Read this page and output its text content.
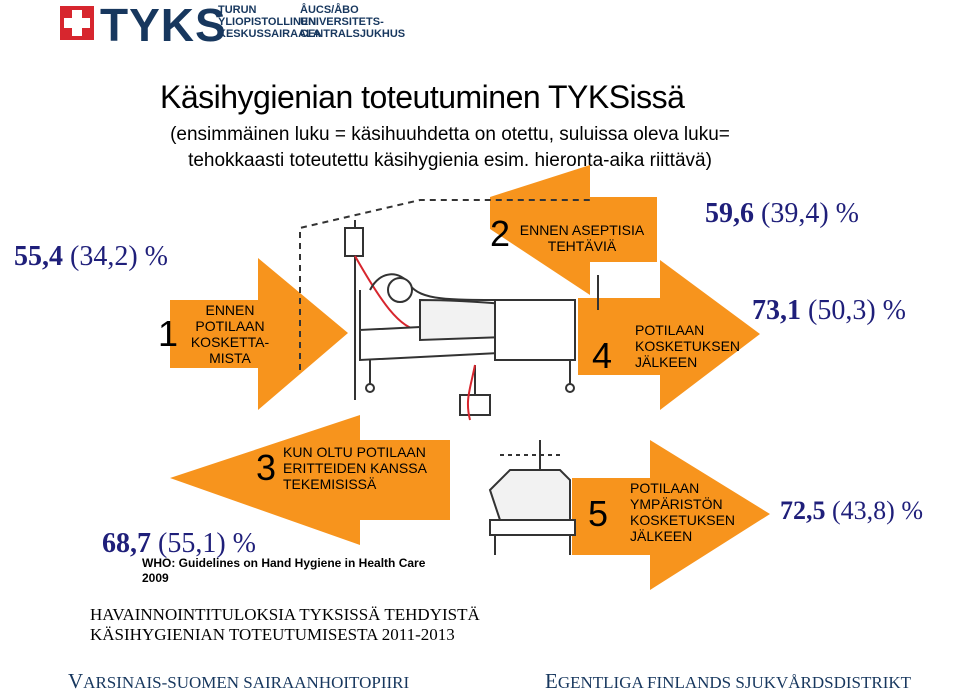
TYKS
TURUN
YLIOPISTOLLINEN
KESKUSSAIRAALA
ÅUCS/ÅBO
UNIVERSITETS-
CENTRALSJUKHUS
Käsihygienian toteutuminen TYKSissä
(ensimmäinen luku = käsihuuhdetta on otettu, suluissa oleva luku= tehokkaasti toteutettu käsihygienia esim. hieronta-aika riittävä)
1
ENNEN
POTILAAN
KOSKETTA-
MISTA
55,4 (34,2) %
2 ENNEN ASEPTISIA
TEHTÄVIÄ
59,6 (39,4) %
3 KUN OLTU POTILAAN
ERITTEIDEN KANSSA
TEKEMISISSÄ
68,7 (55,1) %
WHO: Guidelines on Hand Hygiene in Health Care
2009
4
POTILAAN
KOSKETUKSEN
JÄLKEEN
73,1 (50,3) %
5
POTILAAN
YMPÄRISTÖN
KOSKETUKSEN
JÄLKEEN
72,5 (43,8) %
HAVAINNOINTITULOKSIA TYKSISSÄ TEHDYISTÄ
KÄSIHYGIENIAN TOTEUTUMISESTA 2011-2013
VARSINAIS-SUOMEN SAIRAANHOITOPIIRI	EGENTLIGA FINLANDS SJUKVÅRDSDISTRIKT
